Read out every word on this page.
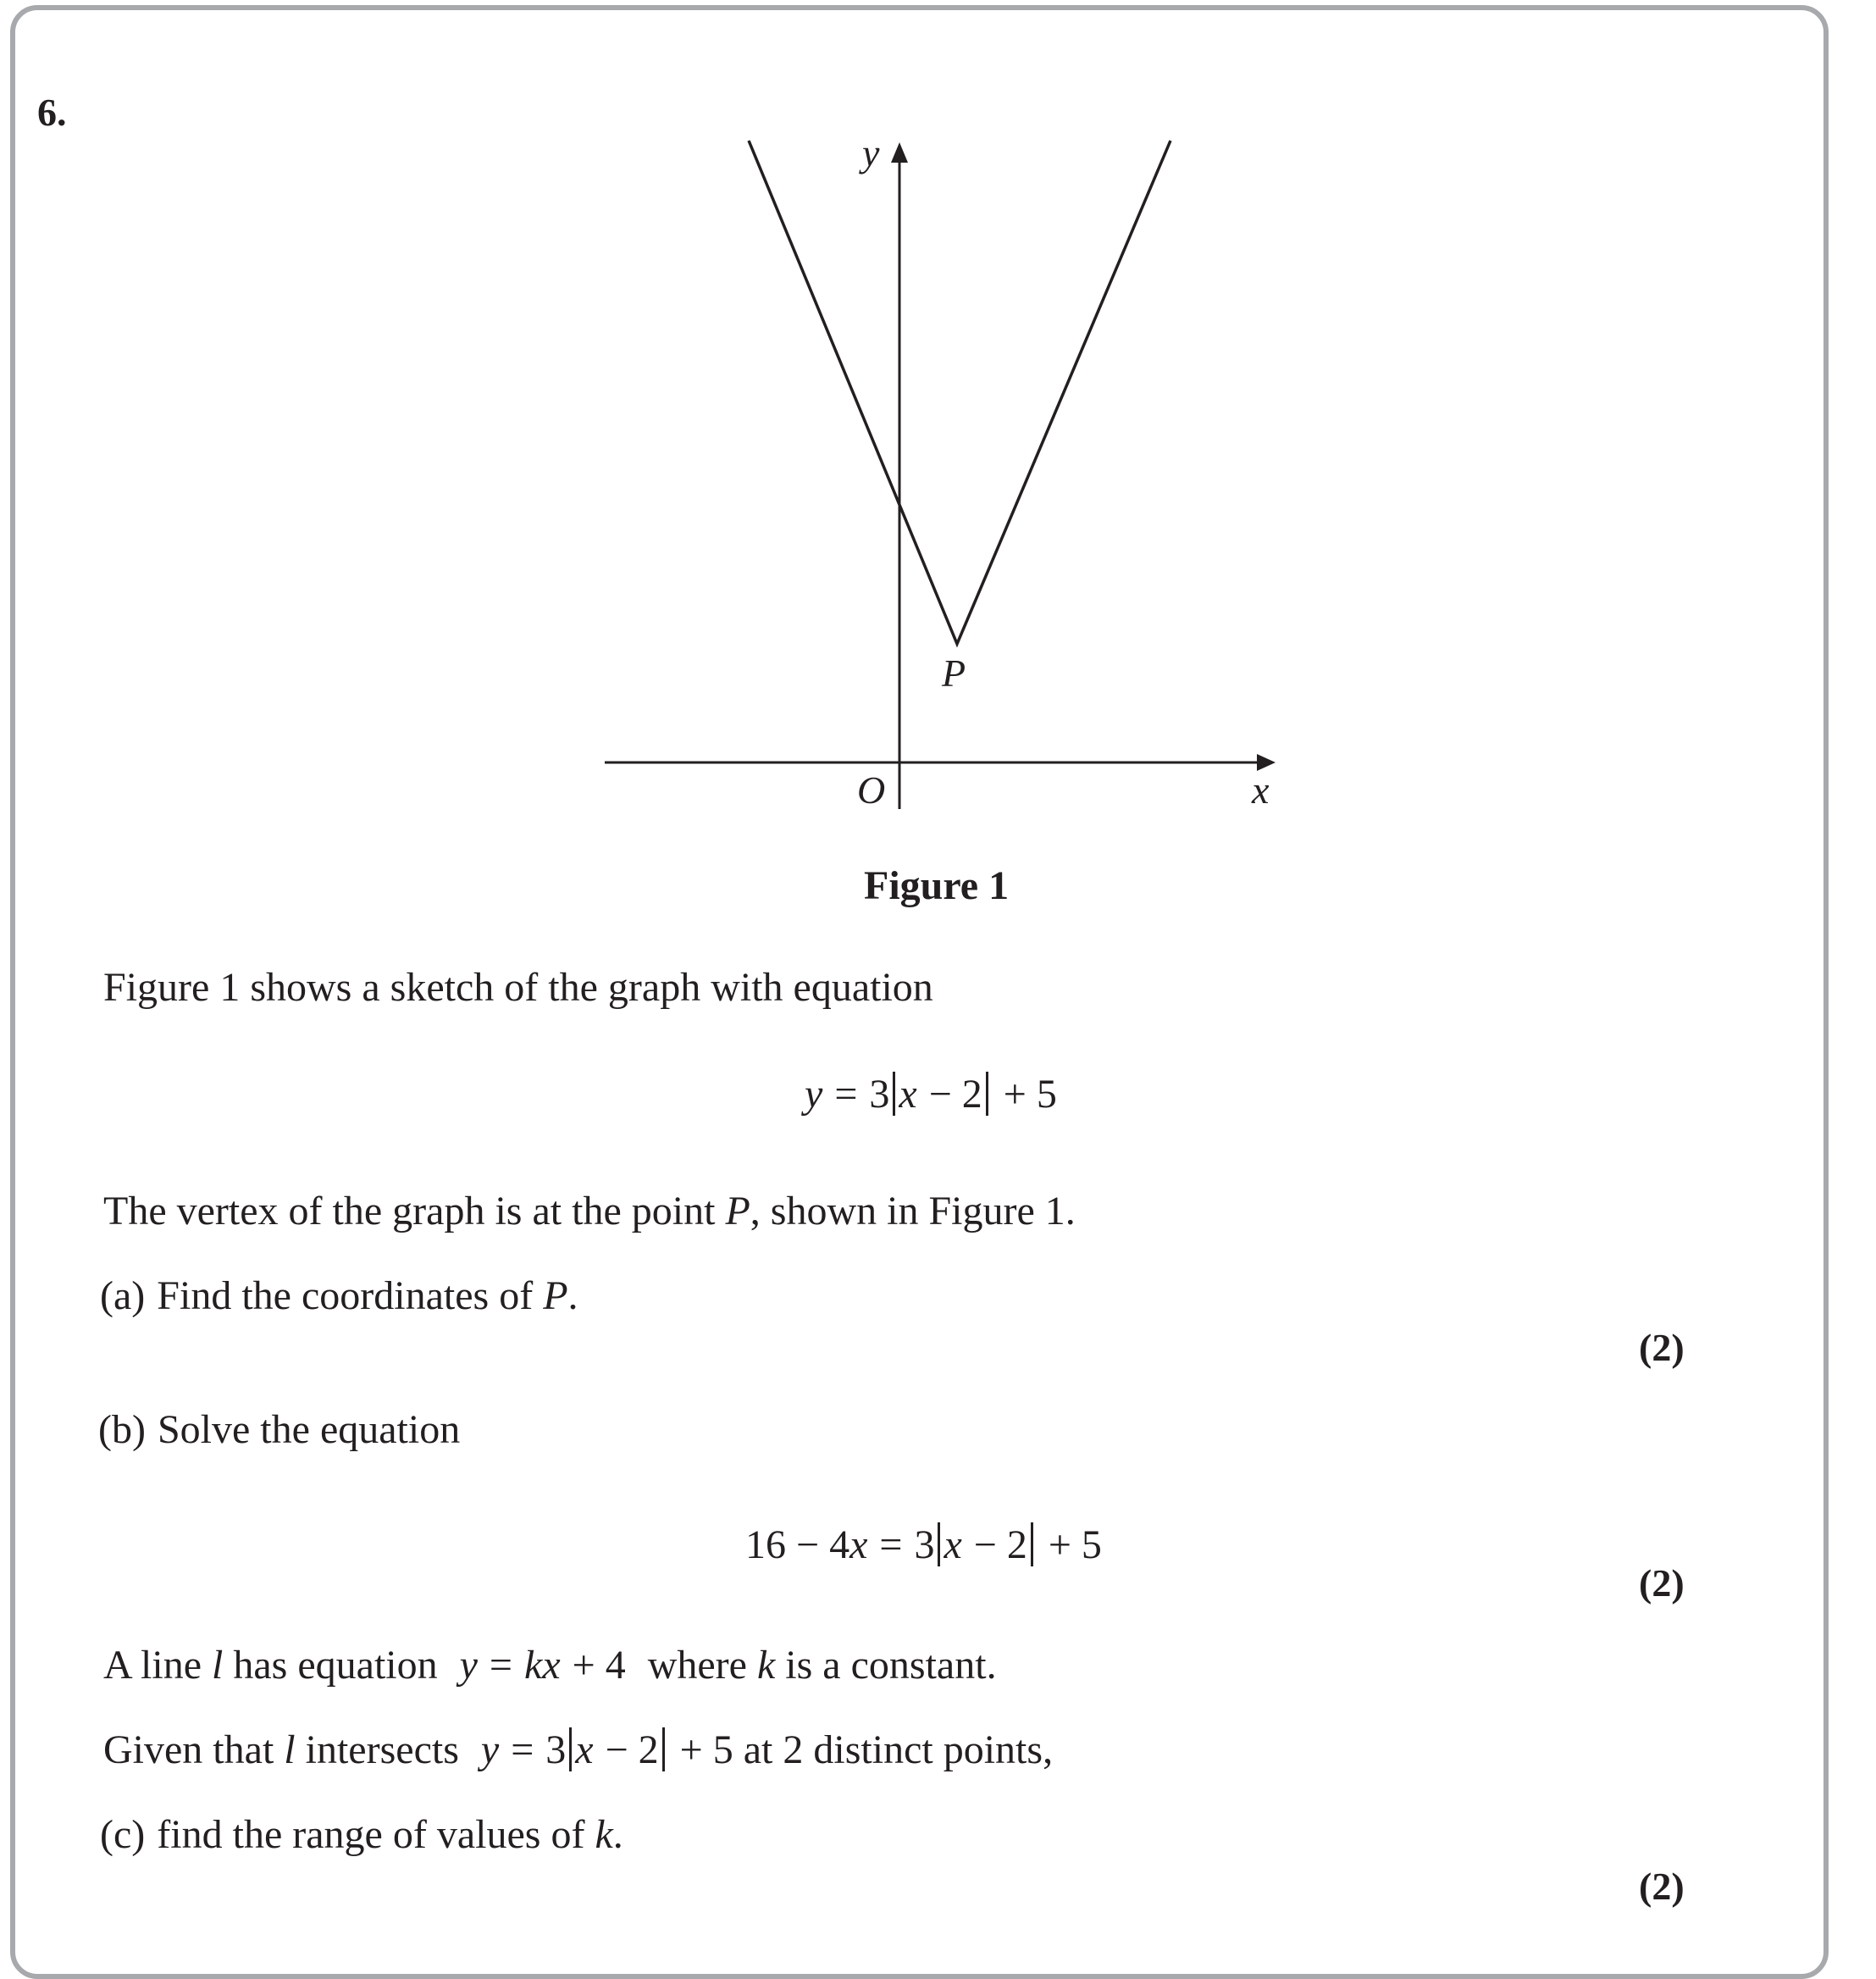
6.
y
x
O
P
Figure 1
Figure 1 shows a sketch of the graph with equation
y = 3 x − 2 + 5
The vertex of the graph is at the point P, shown in Figure 1.
(a) Find the coordinates of P.
(2)
(b) Solve the equation
16 − 4x = 3 x − 2 + 5
(2)
A line l has equation y = kx + 4 where k is a constant.
Given that l intersects y = 3 x − 2 + 5 at 2 distinct points,
(c) find the range of values of k.
(2)
